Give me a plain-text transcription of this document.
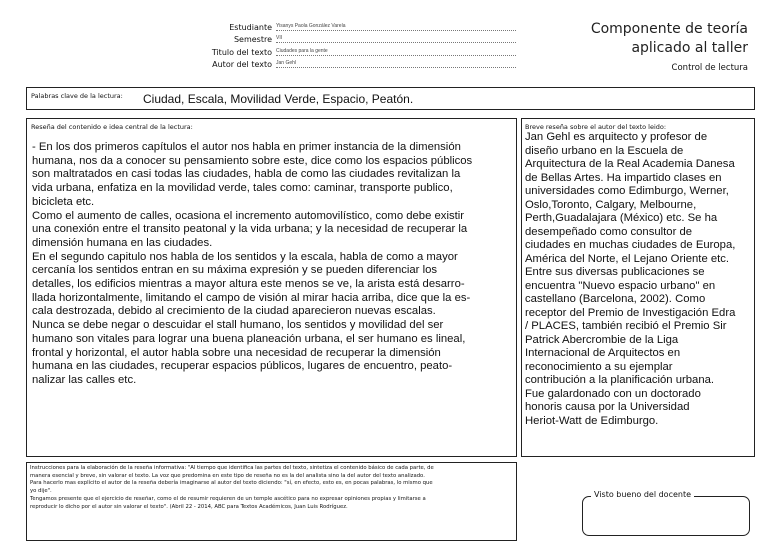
Estudiante Yisanys Paola González Varela
Semestre VII
Titulo del texto Ciudades para la gente
Autor del texto Jan Gehl
Componente de teoría
aplicado al taller
Control de lectura
Palabras clave de la lectura: Ciudad, Escala, Movilidad Verde, Espacio, Peatón.
Reseña del contenido e idea central de la lectura:
- En los dos primeros capítulos el autor nos habla en primer instancia de la dimensión
humana, nos da a conocer su pensamiento sobre este, dice como los espacios públicos
son maltratados en casi todas las ciudades, habla de como las ciudades revitalizan la
vida urbana, enfatiza en la movilidad verde, tales como: caminar, transporte publico,
bicicleta etc.
Como el aumento de calles, ocasiona el incremento automovilístico, como debe existir
una conexión entre el transito peatonal y la vida urbana; y la necesidad de recuperar la
dimensión humana en las ciudades.
En el segundo capitulo nos habla de los sentidos y la escala, habla de como a mayor
cercanía los sentidos entran en su máxima expresión y se pueden diferenciar los
detalles, los edificios mientras a mayor altura este menos se ve, la arista está desarro-
llada horizontalmente, limitando el campo de visión al mirar hacia arriba, dice que la es-
cala destrozada, debido al crecimiento de la ciudad aparecieron nuevas escalas.
Nunca se debe negar o descuidar el stall humano, los sentidos y movilidad del ser
humano son vitales para lograr una buena planeación urbana, el ser humano es lineal,
frontal y horizontal, el autor habla sobre una necesidad de recuperar la dimensión
humana en las ciudades, recuperar espacios públicos, lugares de encuentro, peato-
nalizar las calles etc.
Breve reseña sobre el autor del texto leido:
Jan Gehl es arquitecto y profesor de
diseño urbano en la Escuela de
Arquitectura de la Real Academia Danesa
de Bellas Artes. Ha impartido clases en
universidades como Edimburgo, Werner,
Oslo,Toronto, Calgary, Melbourne,
Perth,Guadalajara (México) etc. Se ha
desempeñado como consultor de
ciudades en muchas ciudades de Europa,
América del Norte, el Lejano Oriente etc.
Entre sus diversas publicaciones se
encuentra "Nuevo espacio urbano" en
castellano (Barcelona, 2002). Como
receptor del Premio de Investigación Edra
/ PLACES, también recibió el Premio Sir
Patrick Abercrombie de la Liga
Internacional de Arquitectos en
reconocimiento a su ejemplar
contribución a la planificación urbana.
Fue galardonado con un doctorado
honoris causa por la Universidad
Heriot-Watt de Edimburgo.
Instrucciones para la elaboración de la reseña informativa: "Al tiempo que identifica las partes del texto, sintetiza el contenido básico de cada parte, de
manera esencial y breve, sin valorar el texto. La voz que predomina en este tipo de reseña no es la del analista sino la del autor del texto analizado.
Para hacerlo mas explícito el autor de la reseña debería imaginarse al autor del texto diciendo: "sí, en efecto, esto es, en pocas palabras, lo mismo que
yo dije".
Tengamos presente que el ejercicio de reseñar, como el de resumir requieren de un temple ascético para no expresar opiniones propias y limitarse a
reproducir lo dicho por el autor sin valorar el texto". (Abril 22 - 2014, ABC para Textos Académicos, Juan Luis Rodríguez.
Visto bueno del docente
